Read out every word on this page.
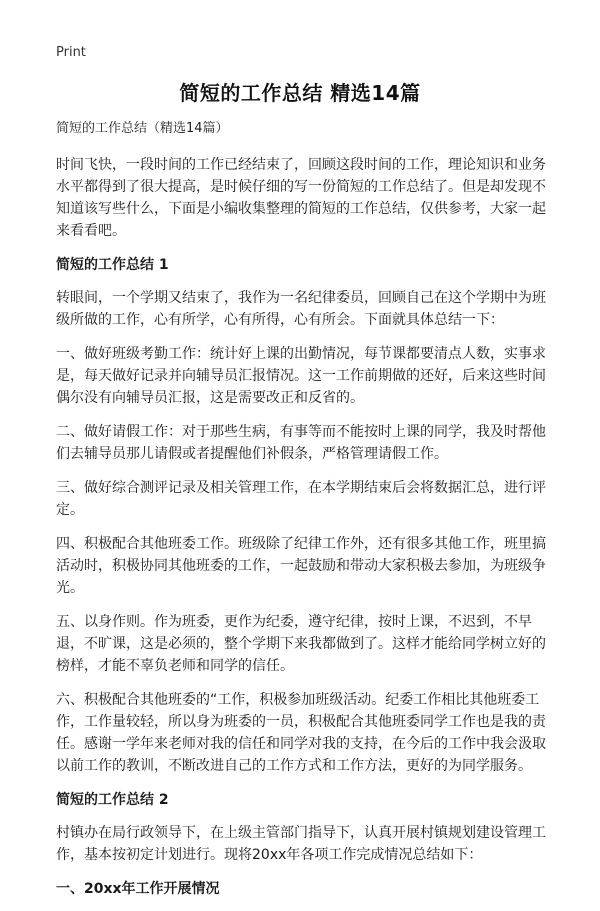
Print
简短的工作总结 精选14篇

简短的工作总结（精选14篇）

时间飞快，一段时间的工作已经结束了，回顾这段时间的工作，理论知识和业务水平都得到了很大提高，是时候仔细的写一份简短的工作总结了。但是却发现不知道该写些什么，下面是小编收集整理的简短的工作总结，仅供参考，大家一起来看看吧。

简短的工作总结 1

转眼间，一个学期又结束了，我作为一名纪律委员，回顾自己在这个学期中为班级所做的工作，心有所学，心有所得，心有所会。下面就具体总结一下：

一、做好班级考勤工作：统计好上课的出勤情况，每节课都要清点人数，实事求是，每天做好记录并向辅导员汇报情况。这一工作前期做的还好，后来这些时间偶尔没有向辅导员汇报，这是需要改正和反省的。

二、做好请假工作：对于那些生病，有事等而不能按时上课的同学，我及时帮他们去辅导员那儿请假或者提醒他们补假条，严格管理请假工作。

三、做好综合测评记录及相关管理工作，在本学期结束后会将数据汇总，进行评定。

四、积极配合其他班委工作。班级除了纪律工作外，还有很多其他工作，班里搞活动时，积极协同其他班委的工作，一起鼓励和带动大家积极去参加，为班级争光。

五、以身作则。作为班委，更作为纪委，遵守纪律，按时上课，不迟到，不早退，不旷课，这是必须的，整个学期下来我都做到了。这样才能给同学树立好的榜样，才能不辜负老师和同学的信任。

六、积极配合其他班委的“工作，积极参加班级活动。纪委工作相比其他班委工作，工作量较轻，所以身为班委的一员，积极配合其他班委同学工作也是我的责任。感谢一学年来老师对我的信任和同学对我的支持，在今后的工作中我会汲取以前工作的教训，不断改进自己的工作方式和工作方法，更好的为同学服务。

简短的工作总结 2

村镇办在局行政领导下，在上级主管部门指导下，认真开展村镇规划建设管理工作，基本按初定计划进行。现将20xx年各项工作完成情况总结如下：

一、20xx年工作开展情况
